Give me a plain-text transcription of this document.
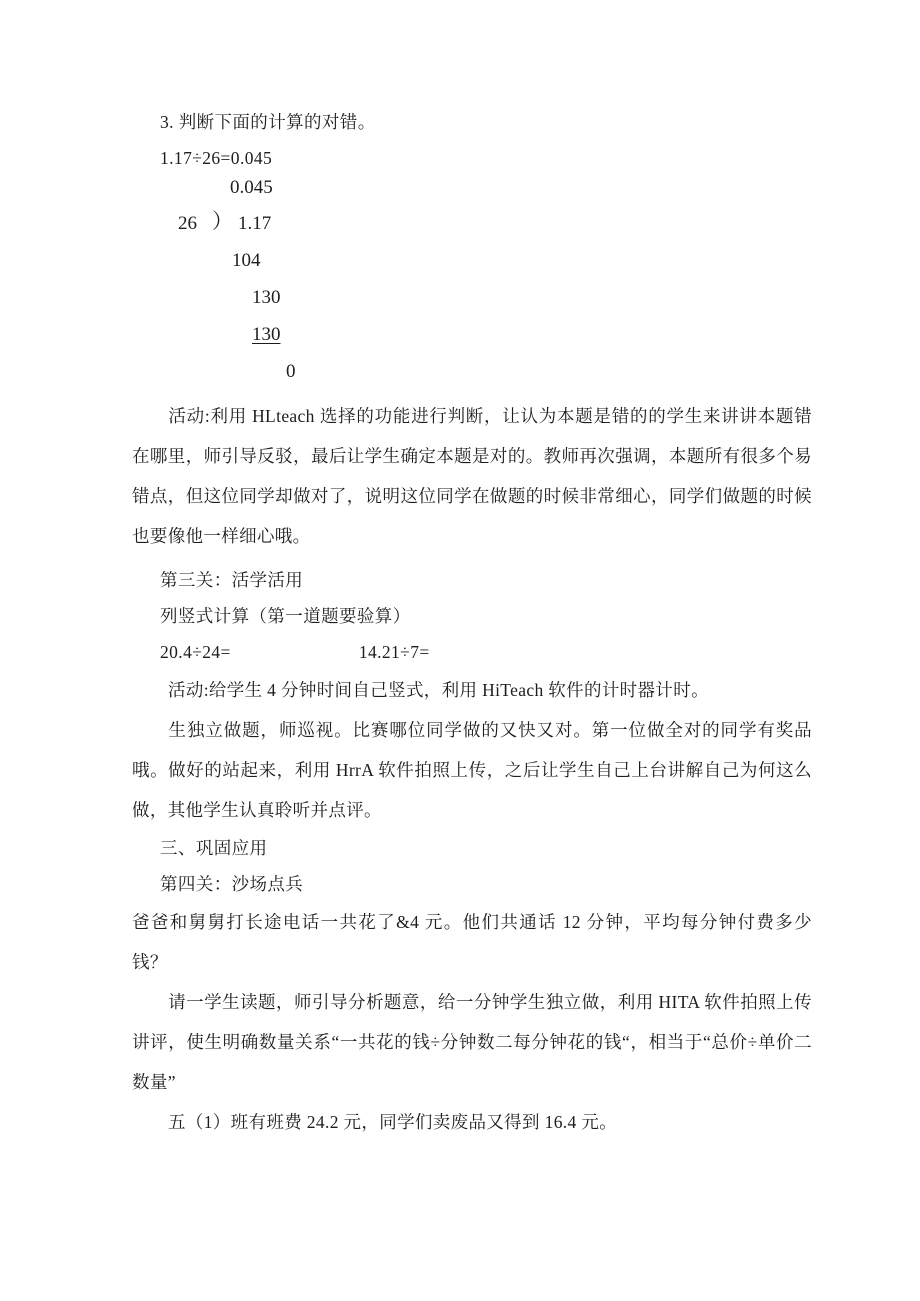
3. 判断下面的计算的对错。
1.17÷26=0.045
0.045
26 ） 1.17
104
130
130
0
活动:利用 HLteach 选择的功能进行判断，让认为本题是错的的学生来讲讲本题错在哪里，师引导反驳，最后让学生确定本题是对的。教师再次强调，本题所有很多个易错点，但这位同学却做对了，说明这位同学在做题的时候非常细心，同学们做题的时候也要像他一样细心哦。
第三关：活学活用
列竖式计算（第一道题要验算）
20.4÷24=	14.21÷7=
活动:给学生 4 分钟时间自己竖式，利用 HiTeach 软件的计时器计时。
生独立做题，师巡视。比赛哪位同学做的又快又对。第一位做全对的同学有奖品哦。做好的站起来，利用 HrrA 软件拍照上传，之后让学生自己上台讲解自己为何这么做，其他学生认真聆听并点评。
三、巩固应用
第四关：沙场点兵
爸爸和舅舅打长途电话一共花了&4 元。他们共通话 12 分钟，平均每分钟付费多少钱？
请一学生读题，师引导分析题意，给一分钟学生独立做，利用 HITA 软件拍照上传讲评，使生明确数量关系“一共花的钱÷分钟数二每分钟花的钱“，相当于“总价÷单价二数量”
五（1）班有班费 24.2 元，同学们卖废品又得到 16.4 元。
